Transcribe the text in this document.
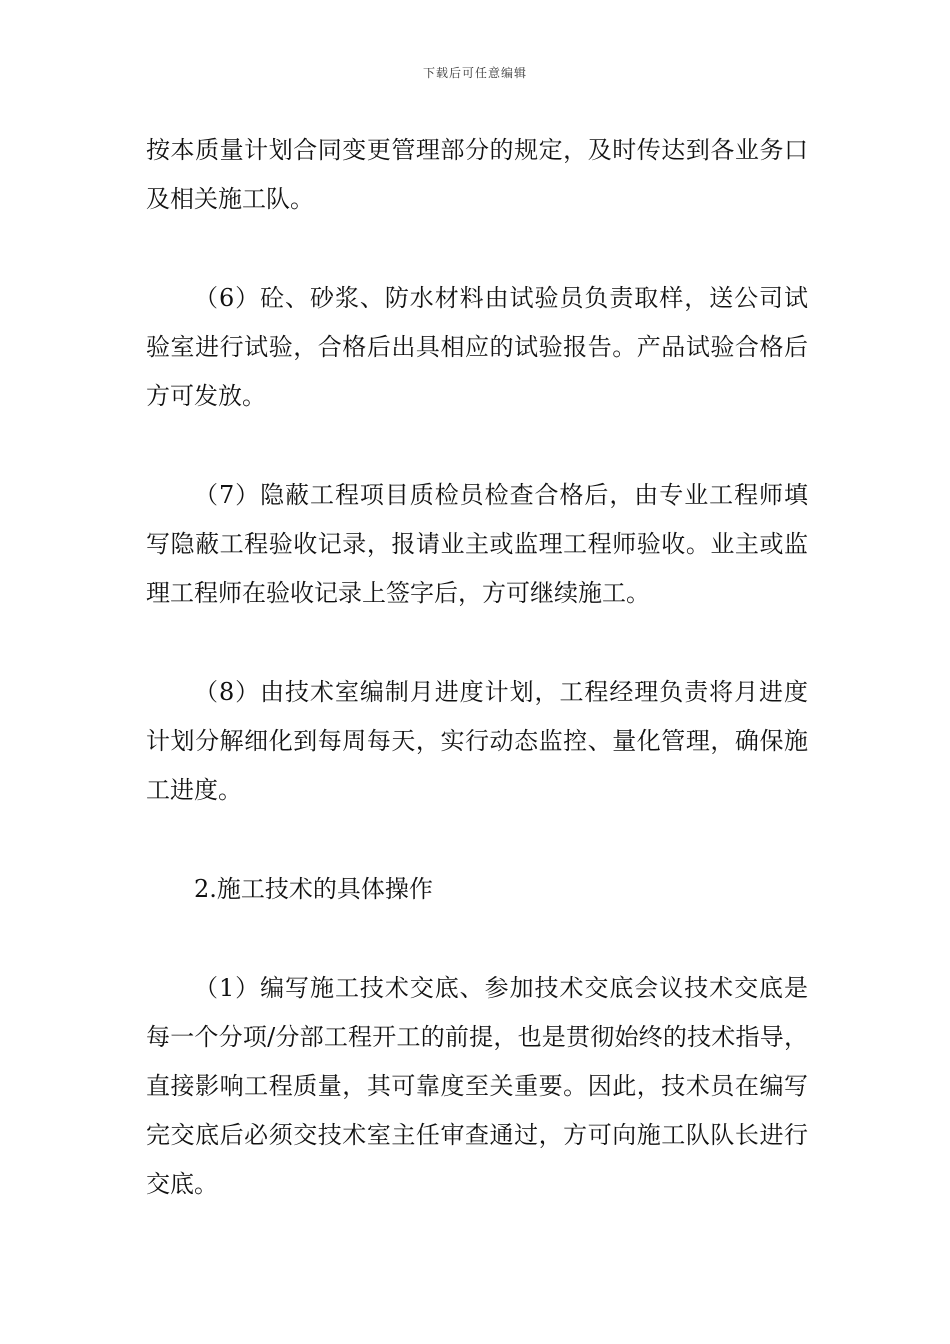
下载后可任意编辑

按本质量计划合同变更管理部分的规定，及时传达到各业务口及相关施工队。

（6）砼、砂浆、防水材料由试验员负责取样，送公司试验室进行试验，合格后出具相应的试验报告。产品试验合格后方可发放。

（7）隐蔽工程项目质检员检查合格后，由专业工程师填写隐蔽工程验收记录，报请业主或监理工程师验收。业主或监理工程师在验收记录上签字后，方可继续施工。

（8）由技术室编制月进度计划，工程经理负责将月进度计划分解细化到每周每天，实行动态监控、量化管理，确保施工进度。

2.施工技术的具体操作

（1）编写施工技术交底、参加技术交底会议技术交底是每一个分项/分部工程开工的前提，也是贯彻始终的技术指导，直接影响工程质量，其可靠度至关重要。因此，技术员在编写完交底后必须交技术室主任审查通过，方可向施工队队长进行交底。
